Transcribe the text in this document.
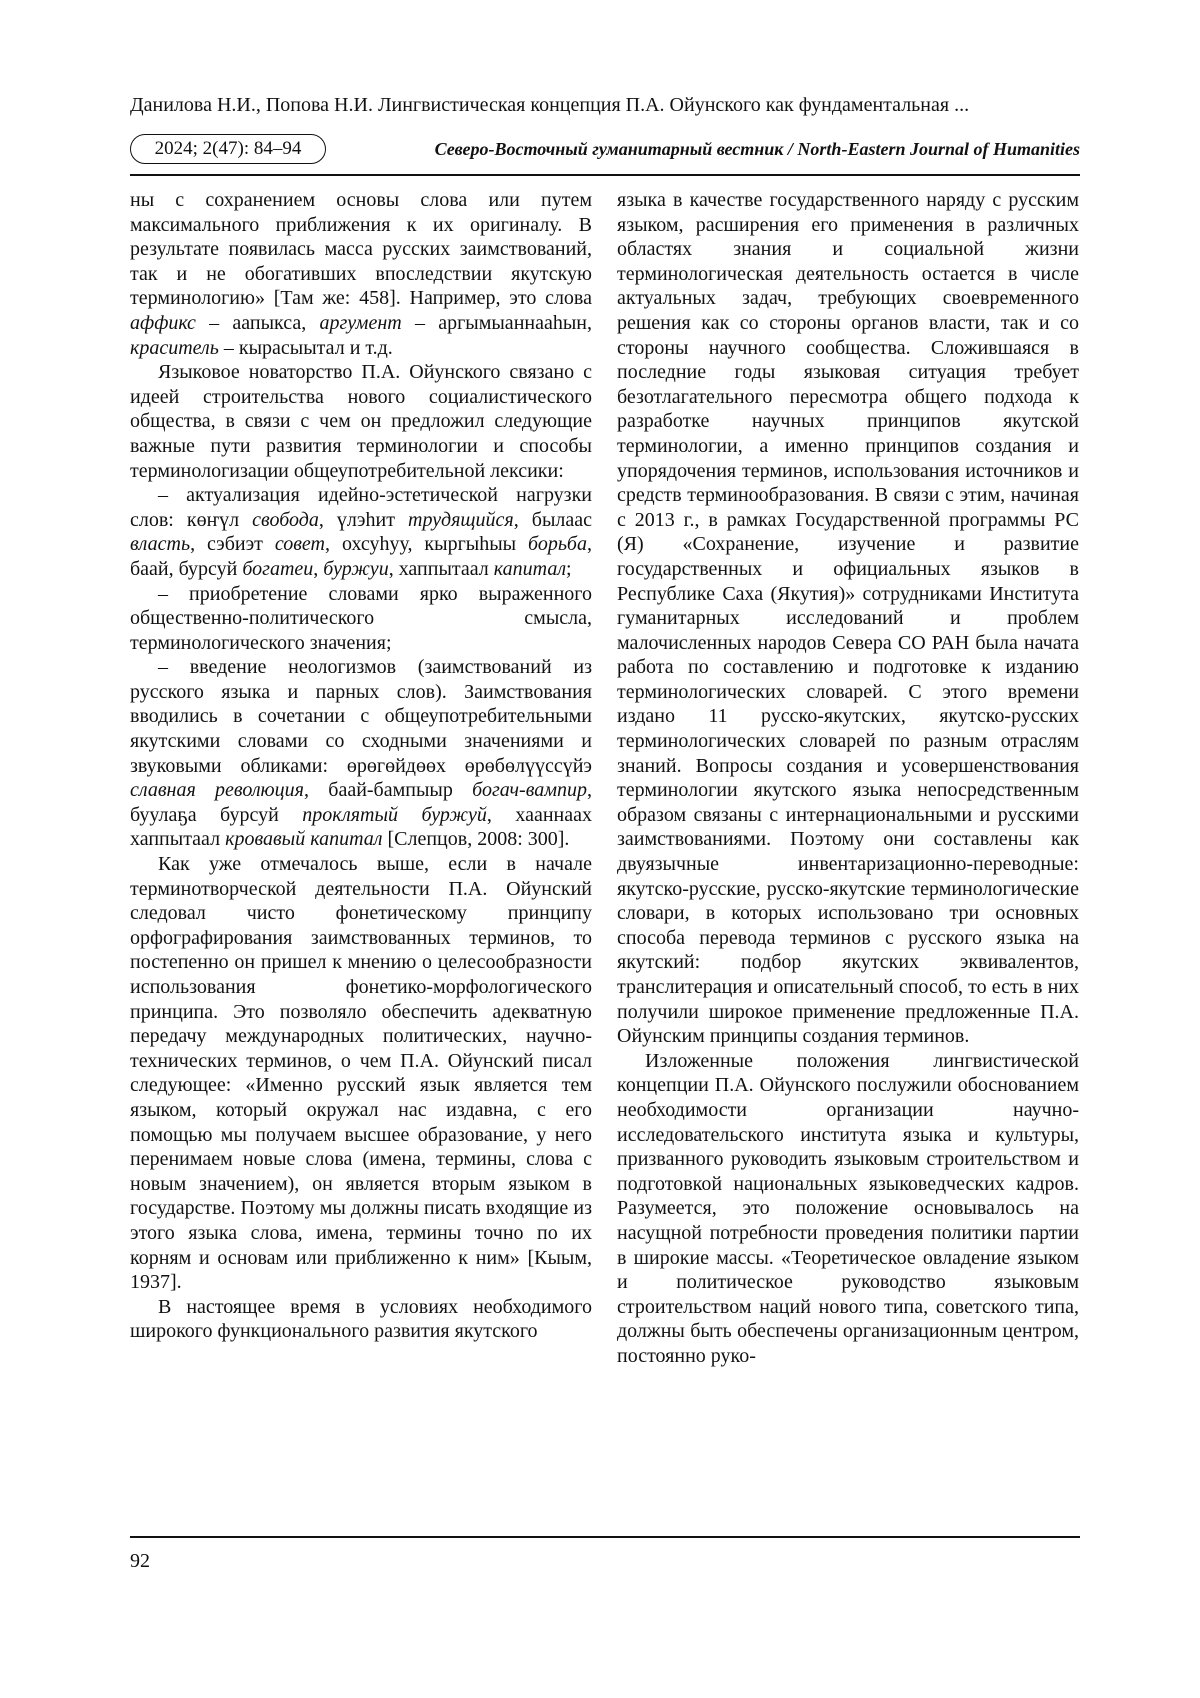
Данилова Н.И., Попова Н.И. Лингвистическая концепция П.А. Ойунского как фундаментальная ...
2024; 2(47): 84–94	Северо-Восточный гуманитарный вестник / North-Eastern Journal of Humanities

ны с сохранением основы слова или путем максимального приближения к их оригиналу. В результате появилась масса русских заимствований, так и не обогативших впоследствии якутскую терминологию» [Там же: 458]. Например, это слова аффикс – аапыкса, аргумент – аргымыаннааһын, краситель – кырасыытал и т.д.

Языковое новаторство П.А. Ойунского связано с идеей строительства нового социалистического общества, в связи с чем он предложил следующие важные пути развития терминологии и способы терминологизации общеупотребительной лексики:

– актуализация идейно-эстетической нагрузки слов: көҥүл свобода, үлэһит трудящийся, былаас власть, сэбиэт совет, охсуһуу, кыргыһыы борьба, баай, бурсуй богатеи, буржуи, хаппытаал капитал;

– приобретение словами ярко выраженного общественно-политического смысла, терминологического значения;

– введение неологизмов (заимствований из русского языка и парных слов). Заимствования вводились в сочетании с общеупотребительными якутскими словами со сходными значениями и звуковыми обликами: өрөгөйдөөх өрөбөлүүссүйэ славная революция, баай-бампыыр богач-вампир, буулаҕа бурсуй проклятый буржуй, хааннаах хаппытаал кровавый капитал [Слепцов, 2008: 300].

Как уже отмечалось выше, если в начале терминотворческой деятельности П.А. Ойунский следовал чисто фонетическому принципу орфографирования заимствованных терминов, то постепенно он пришел к мнению о целесообразности использования фонетико-морфологического принципа. Это позволяло обеспечить адекватную передачу международных политических, научно-технических терминов, о чем П.А. Ойунский писал следующее: «Именно русский язык является тем языком, который окружал нас издавна, с его помощью мы получаем высшее образование, у него перенимаем новые слова (имена, термины, слова с новым значением), он является вторым языком в государстве. Поэтому мы должны писать входящие из этого языка слова, имена, термины точно по их корням и основам или приближенно к ним» [Кыым, 1937].

В настоящее время в условиях необходимого широкого функционального развития якутского

языка в качестве государственного наряду с русским языком, расширения его применения в различных областях знания и социальной жизни терминологическая деятельность остается в числе актуальных задач, требующих своевременного решения как со стороны органов власти, так и со стороны научного сообщества. Сложившаяся в последние годы языковая ситуация требует безотлагательного пересмотра общего подхода к разработке научных принципов якутской терминологии, а именно принципов создания и упорядочения терминов, использования источников и средств терминообразования. В связи с этим, начиная с 2013 г., в рамках Государственной программы РС (Я) «Сохранение, изучение и развитие государственных и официальных языков в Республике Саха (Якутия)» сотрудниками Института гуманитарных исследований и проблем малочисленных народов Севера СО РАН была начата работа по составлению и подготовке к изданию терминологических словарей. С этого времени издано 11 русско-якутских, якутско-русских терминологических словарей по разным отраслям знаний. Вопросы создания и усовершенствования терминологии якутского языка непосредственным образом связаны с интернациональными и русскими заимствованиями. Поэтому они составлены как двуязычные инвентаризационно-переводные: якутско-русские, русско-якутские терминологические словари, в которых использовано три основных способа перевода терминов с русского языка на якутский: подбор якутских эквивалентов, транслитерация и описательный способ, то есть в них получили широкое применение предложенные П.А. Ойунским принципы создания терминов.

Изложенные положения лингвистической концепции П.А. Ойунского послужили обоснованием необходимости организации научно-исследовательского института языка и культуры, призванного руководить языковым строительством и подготовкой национальных языковедческих кадров. Разумеется, это положение основывалось на насущной потребности проведения политики партии в широкие массы. «Теоретическое овладение языком и политическое руководство языковым строительством наций нового типа, советского типа, должны быть обеспечены организационным центром, постоянно руко-

92
